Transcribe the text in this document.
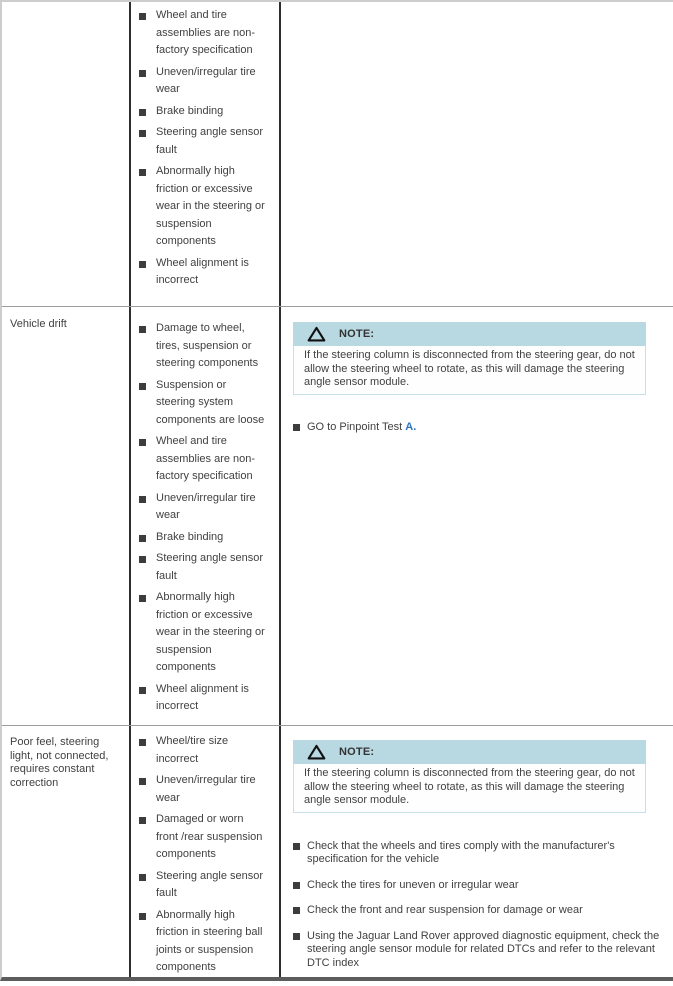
Wheel and tire assemblies are non-factory specification
Uneven/irregular tire wear
Brake binding
Steering angle sensor fault
Abnormally high friction or excessive wear in the steering or suspension components
Wheel alignment is incorrect
Vehicle drift	Damage to wheel, tires, suspension or steering components
Suspension or steering system components are loose
Wheel and tire assemblies are non-factory specification
Uneven/irregular tire wear
Brake binding
Steering angle sensor fault
Abnormally high friction or excessive wear in the steering or suspension components
Wheel alignment is incorrect
NOTE:
If the steering column is disconnected from the steering gear, do not allow the steering wheel to rotate, as this will damage the steering angle sensor module.
GO to Pinpoint Test A.
Poor feel, steering light, not connected, requires constant correction
Wheel/tire size incorrect
Uneven/irregular tire wear
Damaged or worn front /rear suspension components
Steering angle sensor fault
Abnormally high friction in steering ball joints or suspension components
NOTE:
If the steering column is disconnected from the steering gear, do not allow the steering wheel to rotate, as this will damage the steering angle sensor module.
Check that the wheels and tires comply with the manufacturer's specification for the vehicle
Check the tires for uneven or irregular wear
Check the front and rear suspension for damage or wear
Using the Jaguar Land Rover approved diagnostic equipment, check the steering angle sensor module for related DTCs and refer to the relevant DTC index
